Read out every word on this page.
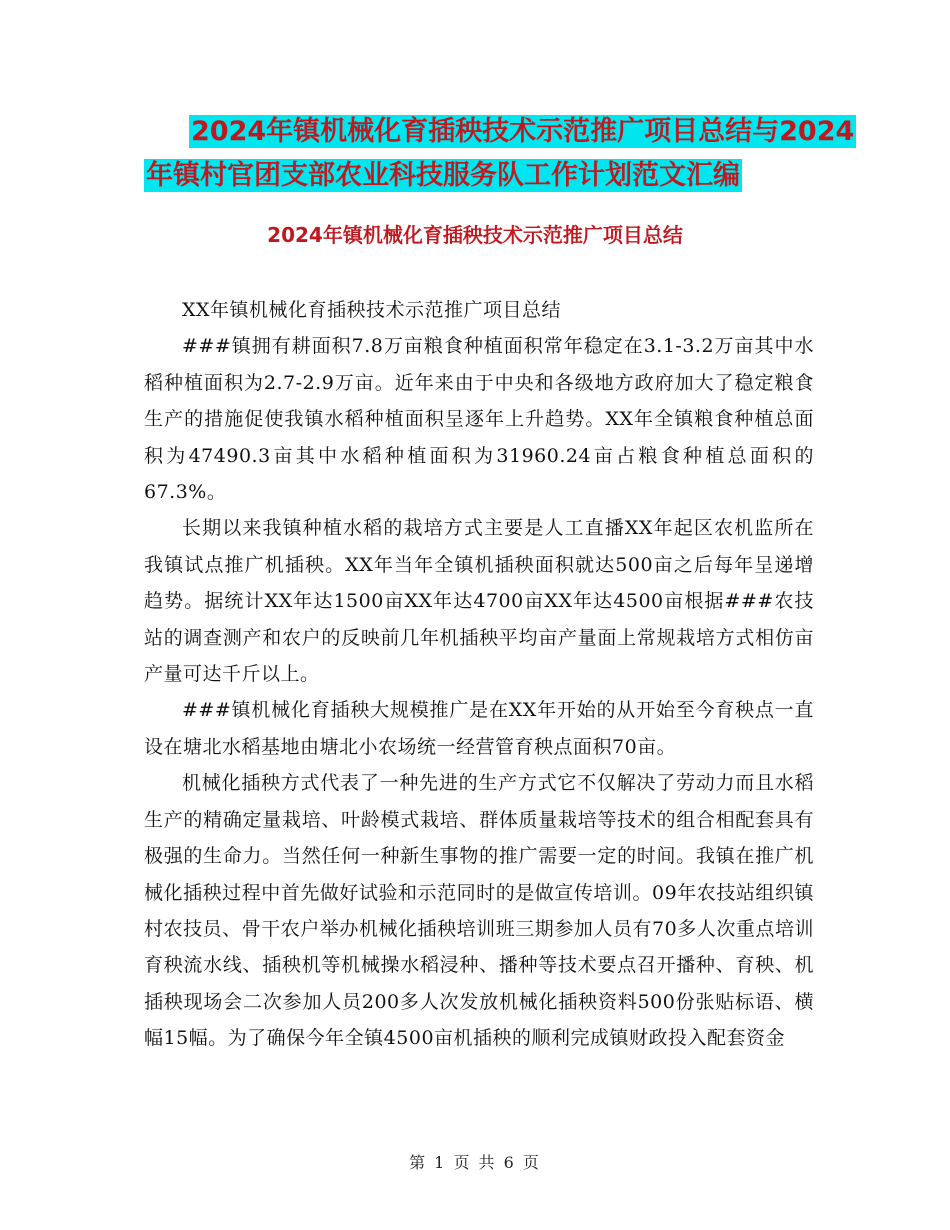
2024年镇机械化育插秧技术示范推广项目总结与2024
年镇村官团支部农业科技服务队工作计划范文汇编
2024年镇机械化育插秧技术示范推广项目总结

XX年镇机械化育插秧技术示范推广项目总结

###镇拥有耕面积7.8万亩粮食种植面积常年稳定在3.1-3.2万亩其中水稻种植面积为2.7-2.9万亩。近年来由于中央和各级地方政府加大了稳定粮食生产的措施促使我镇水稻种植面积呈逐年上升趋势。XX年全镇粮食种植总面积为47490.3亩其中水稻种植面积为31960.24亩占粮食种植总面积的67.3%。

长期以来我镇种植水稻的栽培方式主要是人工直播XX年起区农机监所在我镇试点推广机插秧。XX年当年全镇机插秧面积就达500亩之后每年呈递增趋势。据统计XX年达1500亩XX年达4700亩XX年达4500亩根据###农技站的调查测产和农户的反映前几年机插秧平均亩产量面上常规栽培方式相仿亩产量可达千斤以上。

###镇机械化育插秧大规模推广是在XX年开始的从开始至今育秧点一直设在塘北水稻基地由塘北小农场统一经营管育秧点面积70亩。

机械化插秧方式代表了一种先进的生产方式它不仅解决了劳动力而且水稻生产的精确定量栽培、叶龄模式栽培、群体质量栽培等技术的组合相配套具有极强的生命力。当然任何一种新生事物的推广需要一定的时间。我镇在推广机械化插秧过程中首先做好试验和示范同时的是做宣传培训。09年农技站组织镇村农技员、骨干农户举办机械化插秧培训班三期参加人员有70多人次重点培训育秧流水线、插秧机等机械操水稻浸种、播种等技术要点召开播种、育秧、机插秧现场会二次参加人员200多人次发放机械化插秧资料500份张贴标语、横幅15幅。为了确保今年全镇4500亩机插秧的顺利完成镇财政投入配套资金

第 1 页 共 6 页
